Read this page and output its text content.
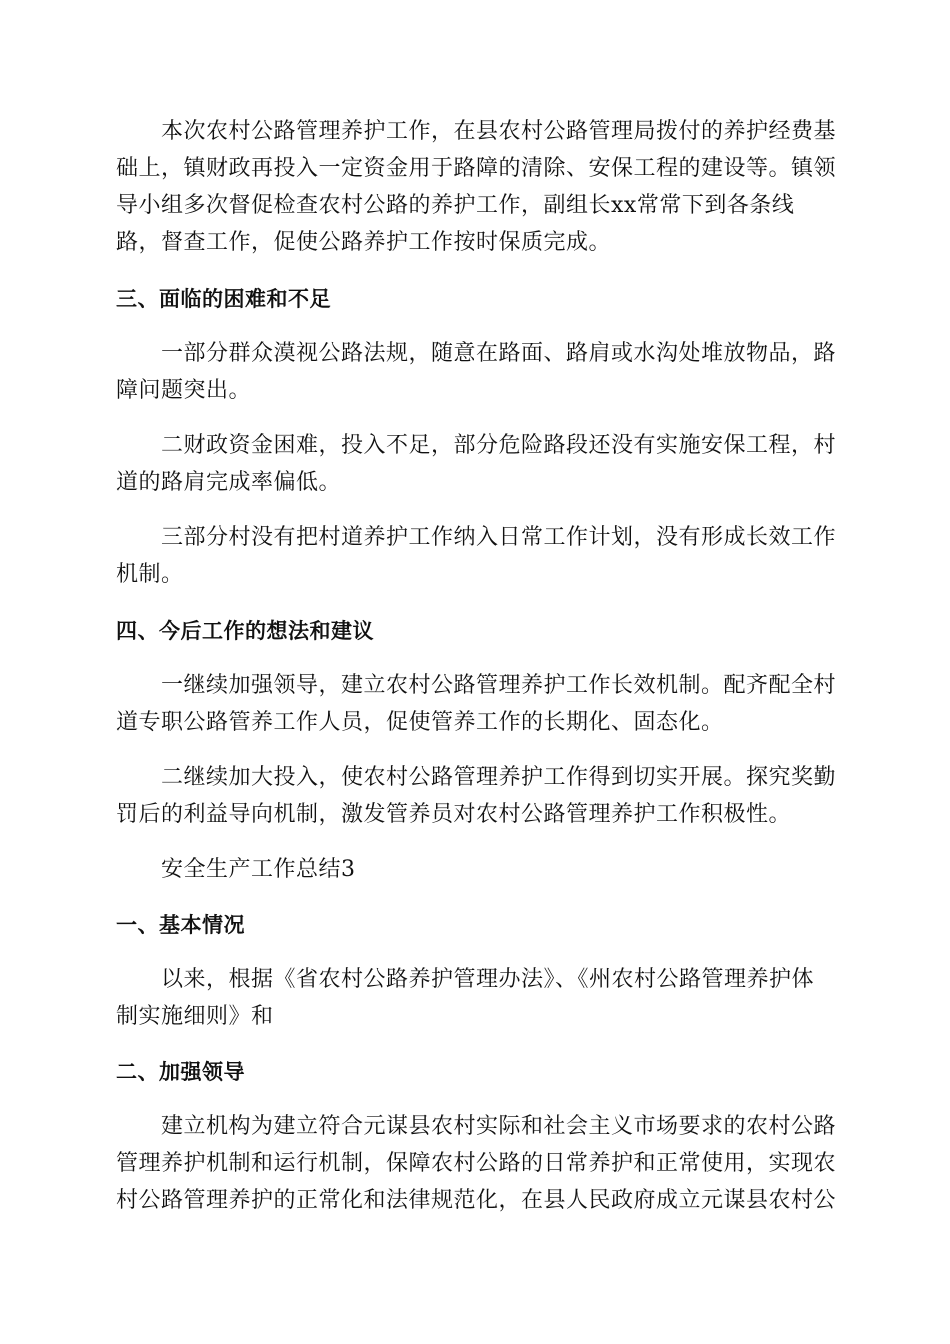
本次农村公路管理养护工作，在县农村公路管理局拨付的养护经费基
础上，镇财政再投入一定资金用于路障的清除、安保工程的建设等。镇领
导小组多次督促检查农村公路的养护工作，副组长xx常常下到各条线
路，督查工作，促使公路养护工作按时保质完成。
三、面临的困难和不足
一部分群众漠视公路法规，随意在路面、路肩或水沟处堆放物品，路
障问题突出。
二财政资金困难，投入不足，部分危险路段还没有实施安保工程，村
道的路肩完成率偏低。
三部分村没有把村道养护工作纳入日常工作计划，没有形成长效工作
机制。
四、今后工作的想法和建议
一继续加强领导，建立农村公路管理养护工作长效机制。配齐配全村
道专职公路管养工作人员，促使管养工作的长期化、固态化。
二继续加大投入，使农村公路管理养护工作得到切实开展。探究奖勤
罚后的利益导向机制，激发管养员对农村公路管理养护工作积极性。
安全生产工作总结3
一、基本情况
以来，根据《省农村公路养护管理办法》、《州农村公路管理养护体
制实施细则》和
二、加强领导
建立机构为建立符合元谋县农村实际和社会主义市场要求的农村公路
管理养护机制和运行机制，保障农村公路的日常养护和正常使用，实现农
村公路管理养护的正常化和法律规范化，在县人民政府成立元谋县农村公
